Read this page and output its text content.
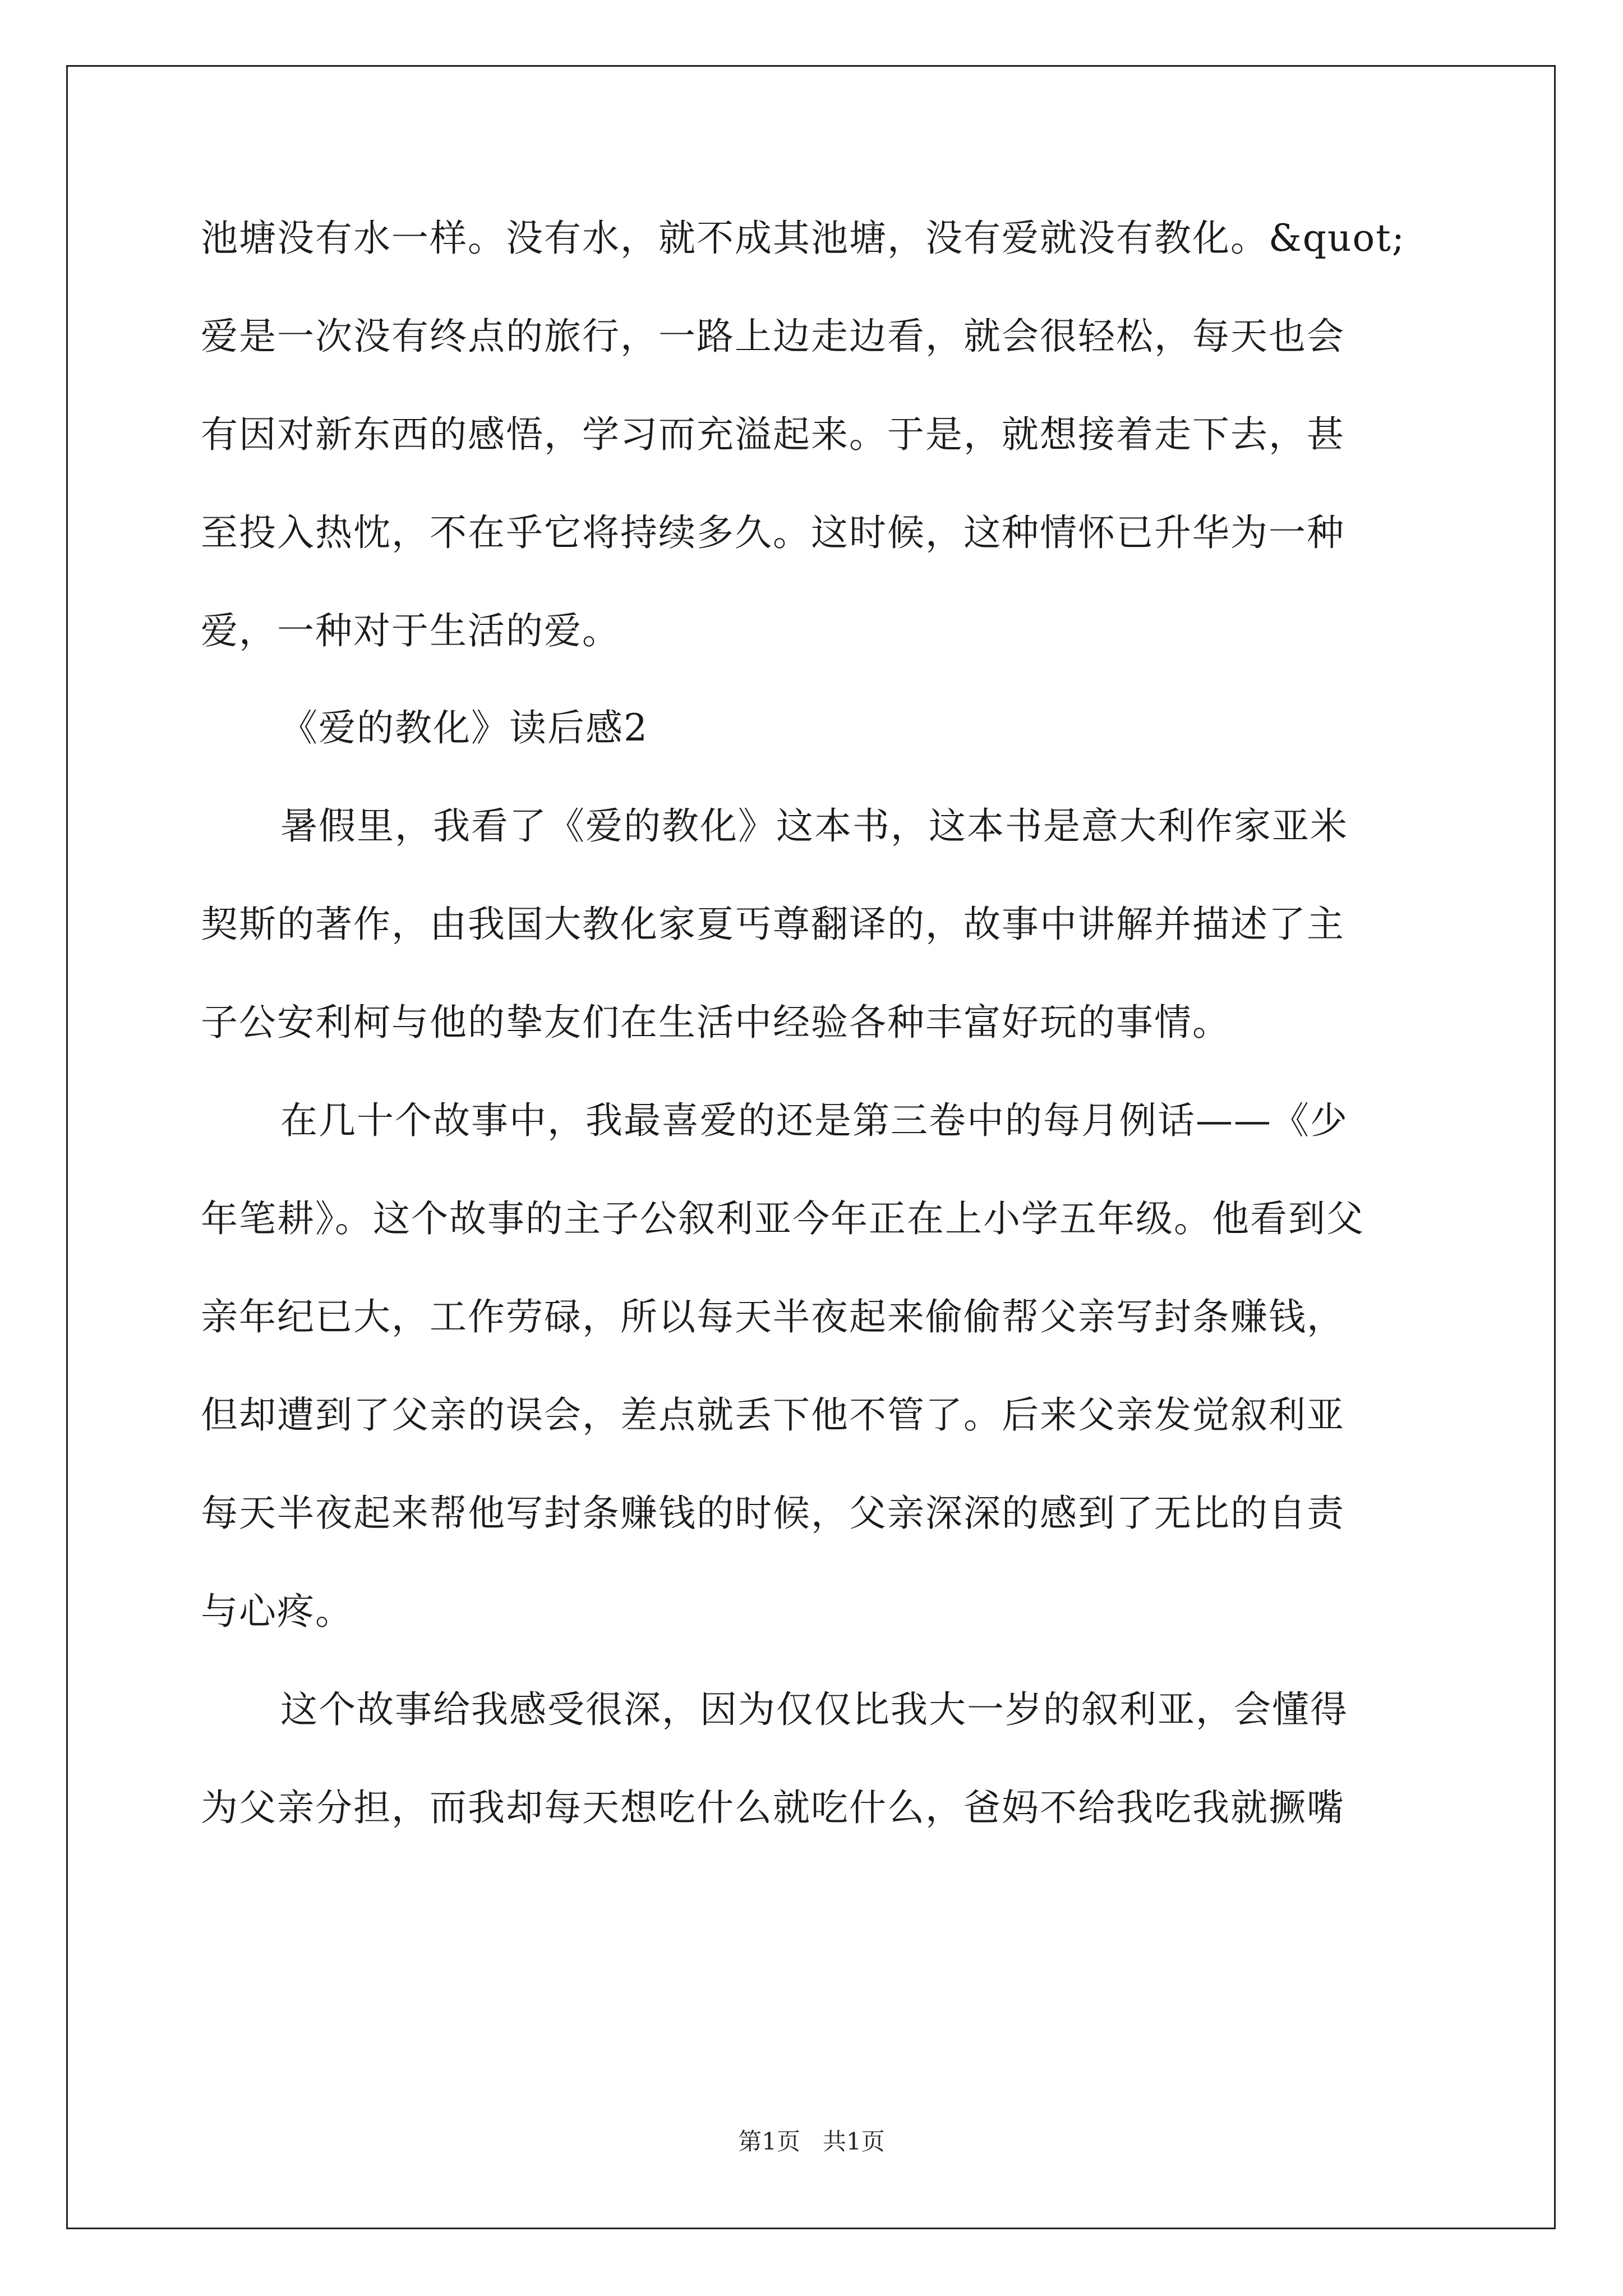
池塘没有水一样。没有水，就不成其池塘，没有爱就没有教化。&quot;
爱是一次没有终点的旅行，一路上边走边看，就会很轻松，每天也会
有因对新东西的感悟，学习而充溢起来。于是，就想接着走下去，甚
至投入热忱，不在乎它将持续多久。这时候，这种情怀已升华为一种
爱，一种对于生活的爱。
《爱的教化》读后感2
暑假里，我看了《爱的教化》这本书，这本书是意大利作家亚米
契斯的著作，由我国大教化家夏丐尊翻译的，故事中讲解并描述了主
子公安利柯与他的挚友们在生活中经验各种丰富好玩的事情。
在几十个故事中，我最喜爱的还是第三卷中的每月例话——《少
年笔耕》。这个故事的主子公叙利亚今年正在上小学五年级。他看到父
亲年纪已大，工作劳碌，所以每天半夜起来偷偷帮父亲写封条赚钱，
但却遭到了父亲的误会，差点就丢下他不管了。后来父亲发觉叙利亚
每天半夜起来帮他写封条赚钱的时候，父亲深深的感到了无比的自责
与心疼。
这个故事给我感受很深，因为仅仅比我大一岁的叙利亚，会懂得
为父亲分担，而我却每天想吃什么就吃什么，爸妈不给我吃我就撅嘴
第1页   共1页
